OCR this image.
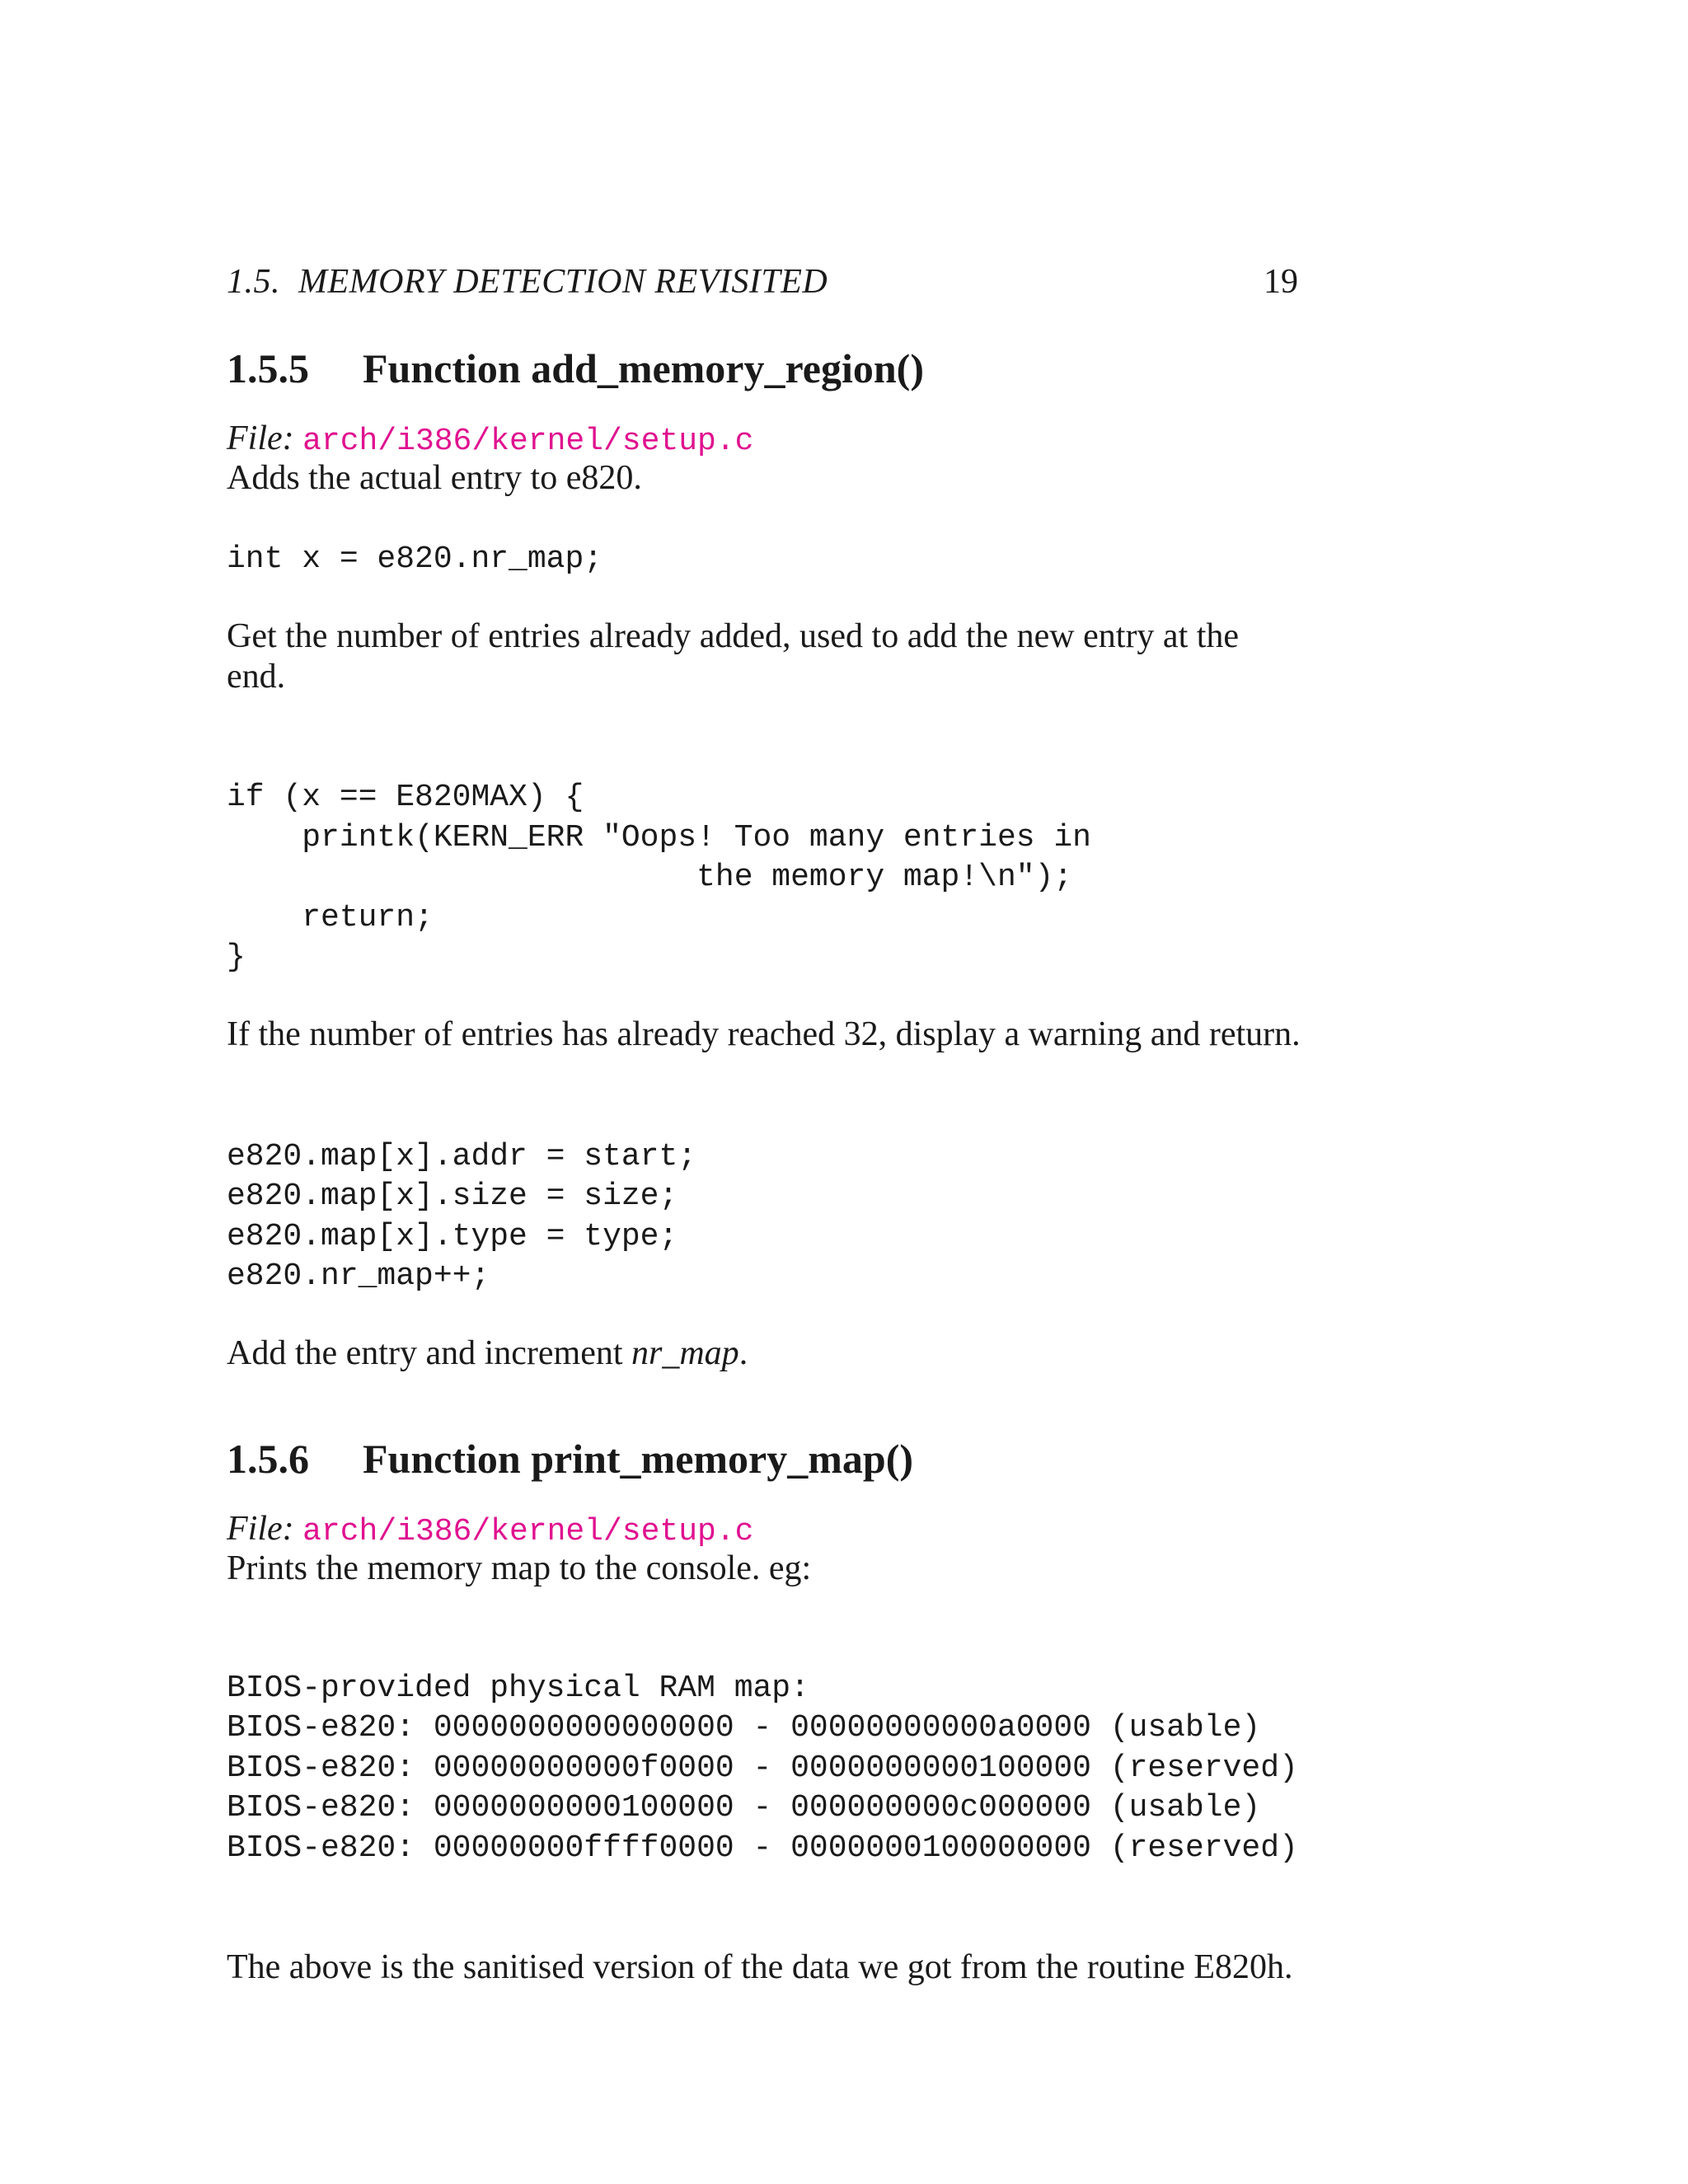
1.5.  MEMORY DETECTION REVISITED	19
1.5.5 Function add_memory_region()
File: arch/i386/kernel/setup.c
Adds the actual entry to e820.
int x = e820.nr_map;
Get the number of entries already added, used to add the new entry at the
end.
if (x == E820MAX) {
printk(KERN_ERR "Oops! Too many entries in
the memory map!\n");
return;
}
If the number of entries has already reached 32, display a warning and return.
e820.map[x].addr = start;
e820.map[x].size = size;
e820.map[x].type = type;
e820.nr_map++;
Add the entry and increment nr_map.
1.5.6 Function print_memory_map()
File: arch/i386/kernel/setup.c
Prints the memory map to the console. eg:
BIOS-provided physical RAM map:
BIOS-e820: 0000000000000000 - 00000000000a0000 (usable)
BIOS-e820: 00000000000f0000 - 0000000000100000 (reserved)
BIOS-e820: 0000000000100000 - 000000000c000000 (usable)
BIOS-e820: 00000000ffff0000 - 0000000100000000 (reserved)
The above is the sanitised version of the data we got from the routine E820h.
